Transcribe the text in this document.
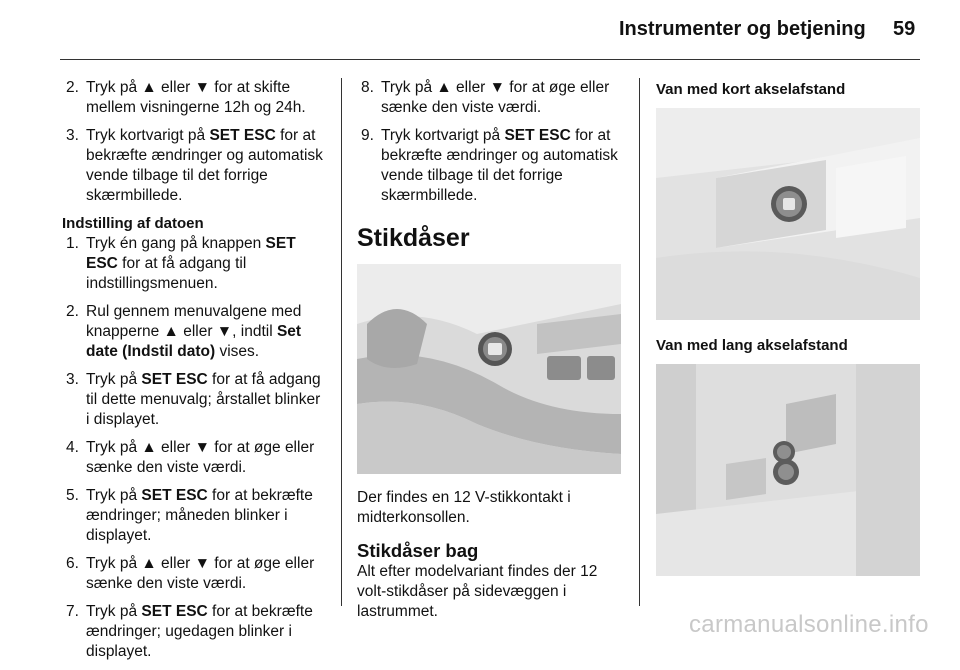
Instrumenter og betjening 59
2. Tryk på ▲ eller ▼ for at skifte mellem visningerne 12h og 24h.
3. Tryk kortvarigt på SET ESC for at bekræfte ændringer og automatisk vende tilbage til det forrige skærmbillede.
Indstilling af datoen
1. Tryk én gang på knappen SET ESC for at få adgang til indstillingsmenuen.
2. Rul gennem menuvalgene med knapperne ▲ eller ▼, indtil Set date (Indstil dato) vises.
3. Tryk på SET ESC for at få adgang til dette menuvalg; årstallet blinker i displayet.
4. Tryk på ▲ eller ▼ for at øge eller sænke den viste værdi.
5. Tryk på SET ESC for at bekræfte ændringer; måneden blinker i displayet.
6. Tryk på ▲ eller ▼ for at øge eller sænke den viste værdi.
7. Tryk på SET ESC for at bekræfte ændringer; ugedagen blinker i displayet.
8. Tryk på ▲ eller ▼ for at øge eller sænke den viste værdi.
9. Tryk kortvarigt på SET ESC for at bekræfte ændringer og automatisk vende tilbage til det forrige skærmbillede.
Stikdåser

Der findes en 12 V-stikkontakt i midterkonsollen.

Stikdåser bag

Alt efter modelvariant findes der 12 volt-stikdåser på sidevæggen i lastrummet.

Van med kort akselafstand
Van med lang akselafstand
carmanualsonline.info
